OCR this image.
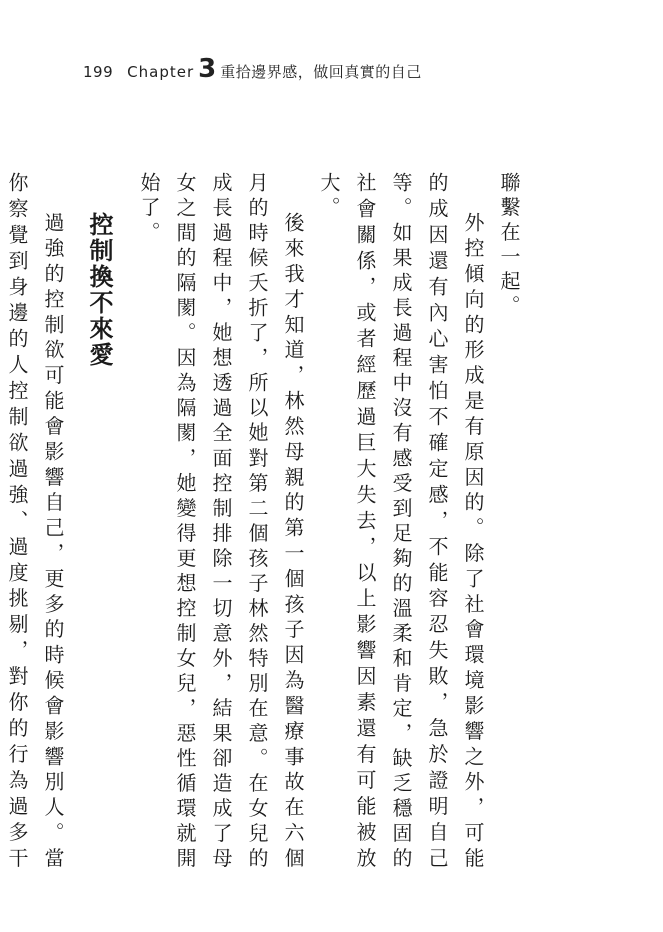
199 Chapter 3 重拾邊界感，做回真實的自己

聯繫在一起。

外控傾向的形成是有原因的。除了社會環境影響之外，可能的成因還有內心害怕不確定感，不能容忍失敗，急於證明自己等。如果成長過程中沒有感受到足夠的溫柔和肯定，缺乏穩固的社會關係，或者經歷過巨大失去，以上影響因素還有可能被放大。

後來我才知道，林然母親的第一個孩子因為醫療事故在六個月的時候夭折了，所以她對第二個孩子林然特別在意。在女兒的成長過程中，她想透過全面控制排除一切意外，結果卻造成了母女之間的隔閡。因為隔閡，她變得更想控制女兒，惡性循環就開始了。

控制換不來愛

過強的控制欲可能會影響自己，更多的時候會影響別人。當你察覺到身邊的人控制欲過強、過度挑剔，對你的行為過多干
